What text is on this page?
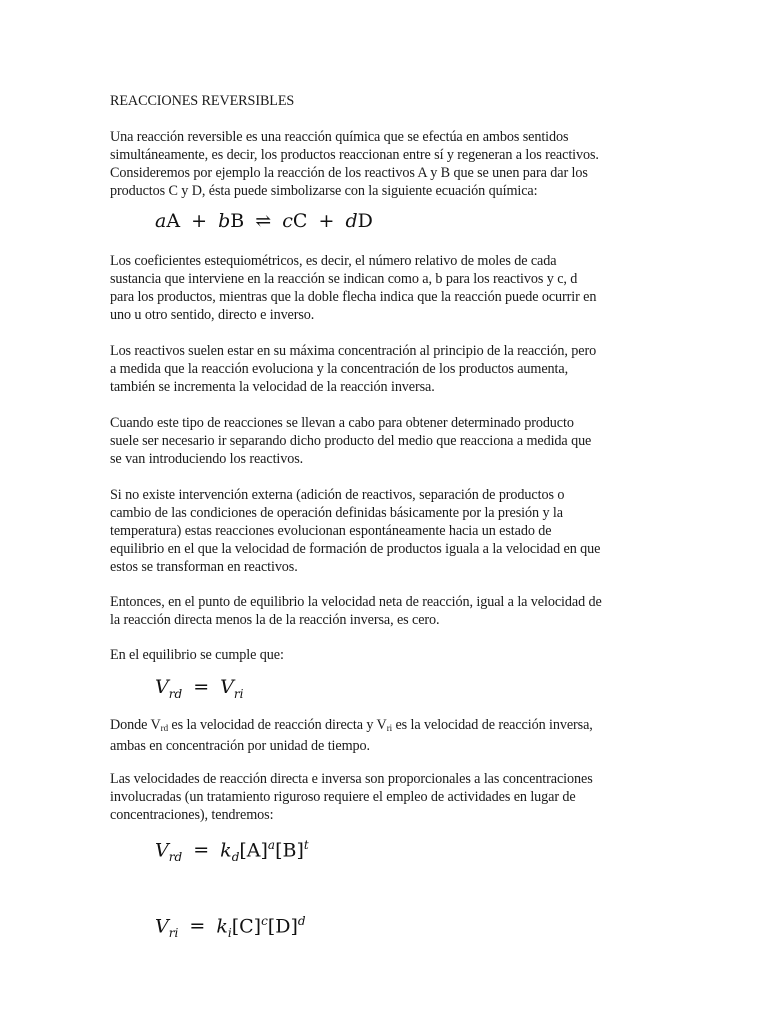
REACCIONES REVERSIBLES
Una reacción reversible es una reacción química que se efectúa en ambos sentidos
simultáneamente, es decir, los productos reaccionan entre sí y regeneran a los reactivos.
Consideremos por ejemplo la reacción de los reactivos A y B que se unen para dar los
productos C y D, ésta puede simbolizarse con la siguiente ecuación química:
aA + bB ⇌ cC + dD
Los coeficientes estequiométricos, es decir, el número relativo de moles de cada
sustancia que interviene en la reacción se indican como a, b para los reactivos y c, d
para los productos, mientras que la doble flecha indica que la reacción puede ocurrir en
uno u otro sentido, directo e inverso.
Los reactivos suelen estar en su máxima concentración al principio de la reacción, pero
a medida que la reacción evoluciona y la concentración de los productos aumenta,
también se incrementa la velocidad de la reacción inversa.
Cuando este tipo de reacciones se llevan a cabo para obtener determinado producto
suele ser necesario ir separando dicho producto del medio que reacciona a medida que
se van introduciendo los reactivos.
Si no existe intervención externa (adición de reactivos, separación de productos o
cambio de las condiciones de operación definidas básicamente por la presión y la
temperatura) estas reacciones evolucionan espontáneamente hacia un estado de
equilibrio en el que la velocidad de formación de productos iguala a la velocidad en que
estos se transforman en reactivos.
Entonces, en el punto de equilibrio la velocidad neta de reacción, igual a la velocidad de
la reacción directa menos la de la reacción inversa, es cero.
En el equilibrio se cumple que:
$V_{rd} = V_{ri}$
Donde Vrd es la velocidad de reacción directa y Vri es la velocidad de reacción inversa,
ambas en concentración por unidad de tiempo.
Las velocidades de reacción directa e inversa son proporcionales a las concentraciones
involucradas (un tratamiento riguroso requiere el empleo de actividades en lugar de
concentraciones), tendremos:
$V_{rd} = k_d[A]^a[B]^t$
$V_{ri} = k_i[C]^c[D]^d$
